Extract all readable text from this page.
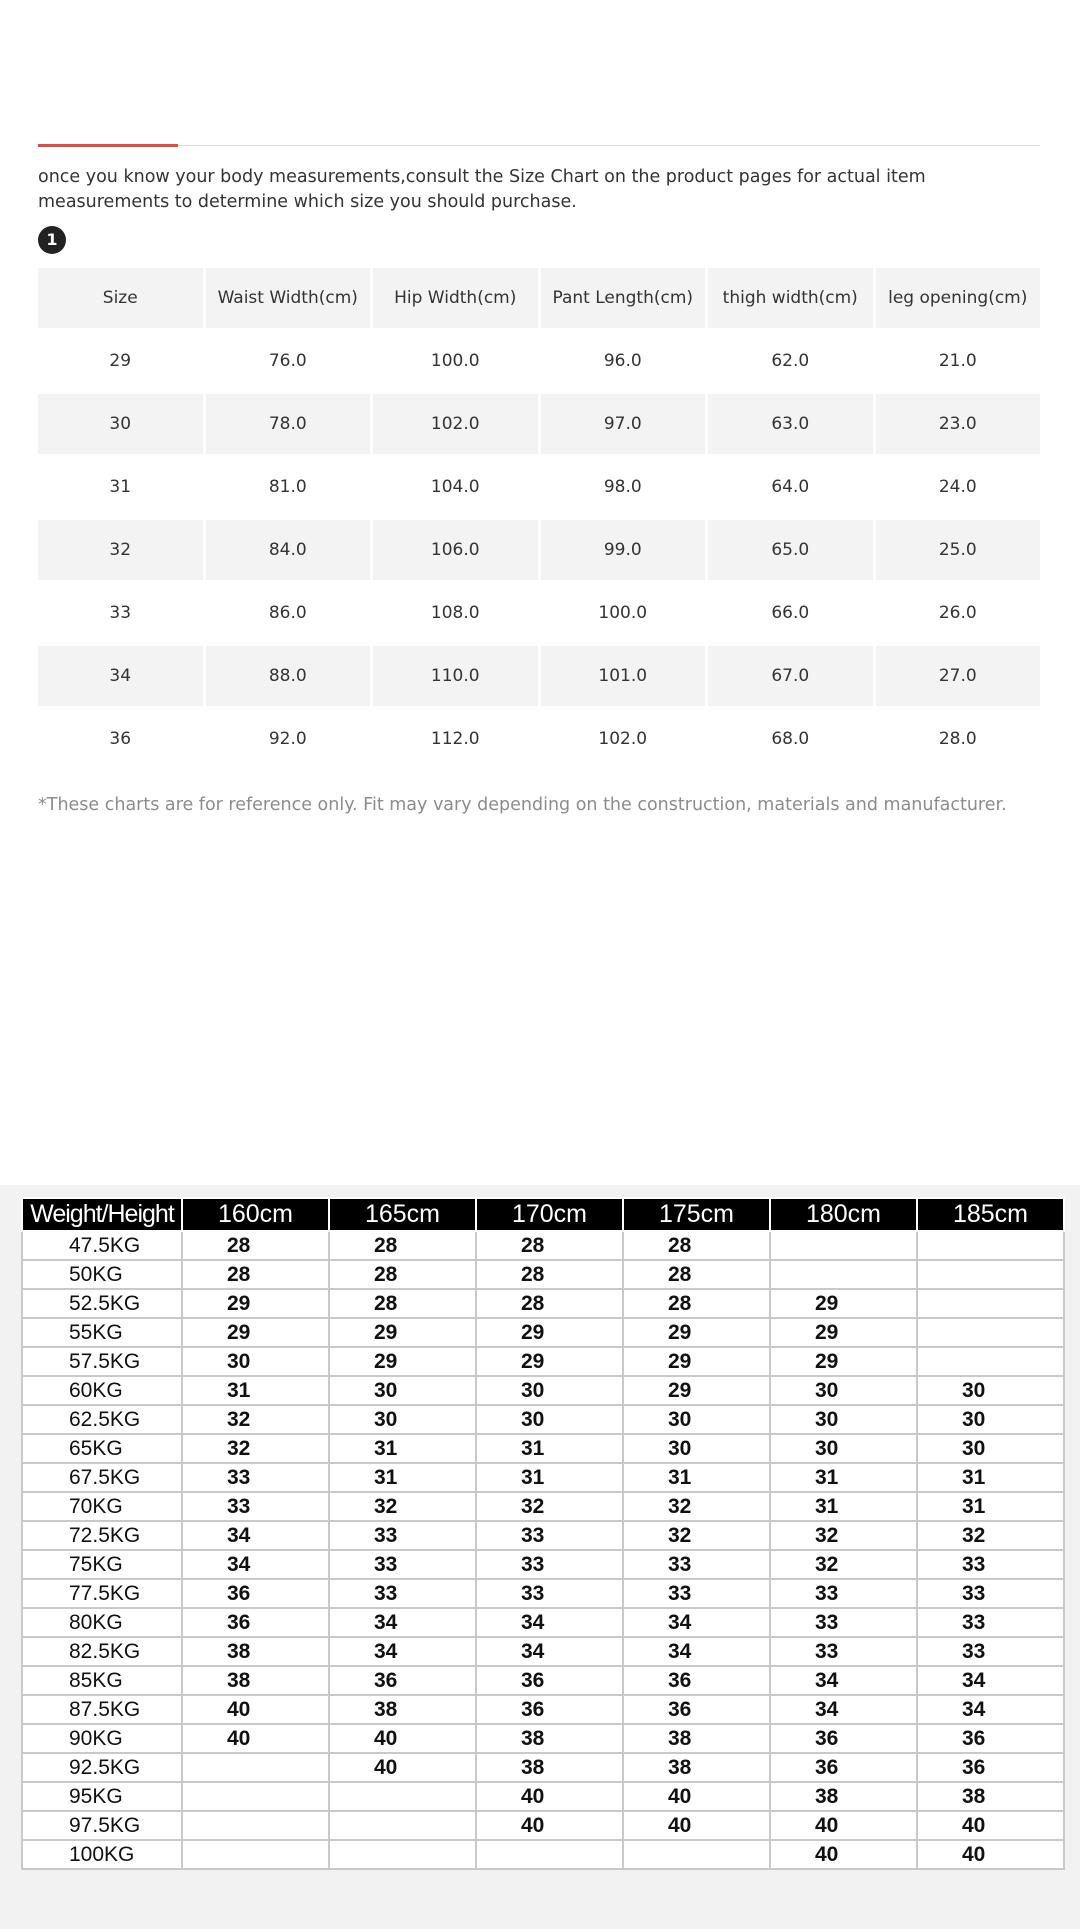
once you know your body measurements,consult the Size Chart on the product pages for actual item measurements to determine which size you should purchase.
1
Size	Waist Width(cm)	Hip Width(cm)	Pant Length(cm)	thigh width(cm)	leg opening(cm)
29	76.0	100.0	96.0	62.0	21.0
30	78.0	102.0	97.0	63.0	23.0
31	81.0	104.0	98.0	64.0	24.0
32	84.0	106.0	99.0	65.0	25.0
33	86.0	108.0	100.0	66.0	26.0
34	88.0	110.0	101.0	67.0	27.0
36	92.0	112.0	102.0	68.0	28.0
*These charts are for reference only. Fit may vary depending on the construction, materials and manufacturer.
Weight/Height	160cm	165cm	170cm	175cm	180cm	185cm
47.5KG	28	28	28	28		
50KG	28	28	28	28		
52.5KG	29	28	28	28	29	
55KG	29	29	29	29	29	
57.5KG	30	29	29	29	29	
60KG	31	30	30	29	30	30
62.5KG	32	30	30	30	30	30
65KG	32	31	31	30	30	30
67.5KG	33	31	31	31	31	31
70KG	33	32	32	32	31	31
72.5KG	34	33	33	32	32	32
75KG	34	33	33	33	32	33
77.5KG	36	33	33	33	33	33
80KG	36	34	34	34	33	33
82.5KG	38	34	34	34	33	33
85KG	38	36	36	36	34	34
87.5KG	40	38	36	36	34	34
90KG	40	40	38	38	36	36
92.5KG		40	38	38	36	36
95KG			40	40	38	38
97.5KG			40	40	40	40
100KG					40	40
